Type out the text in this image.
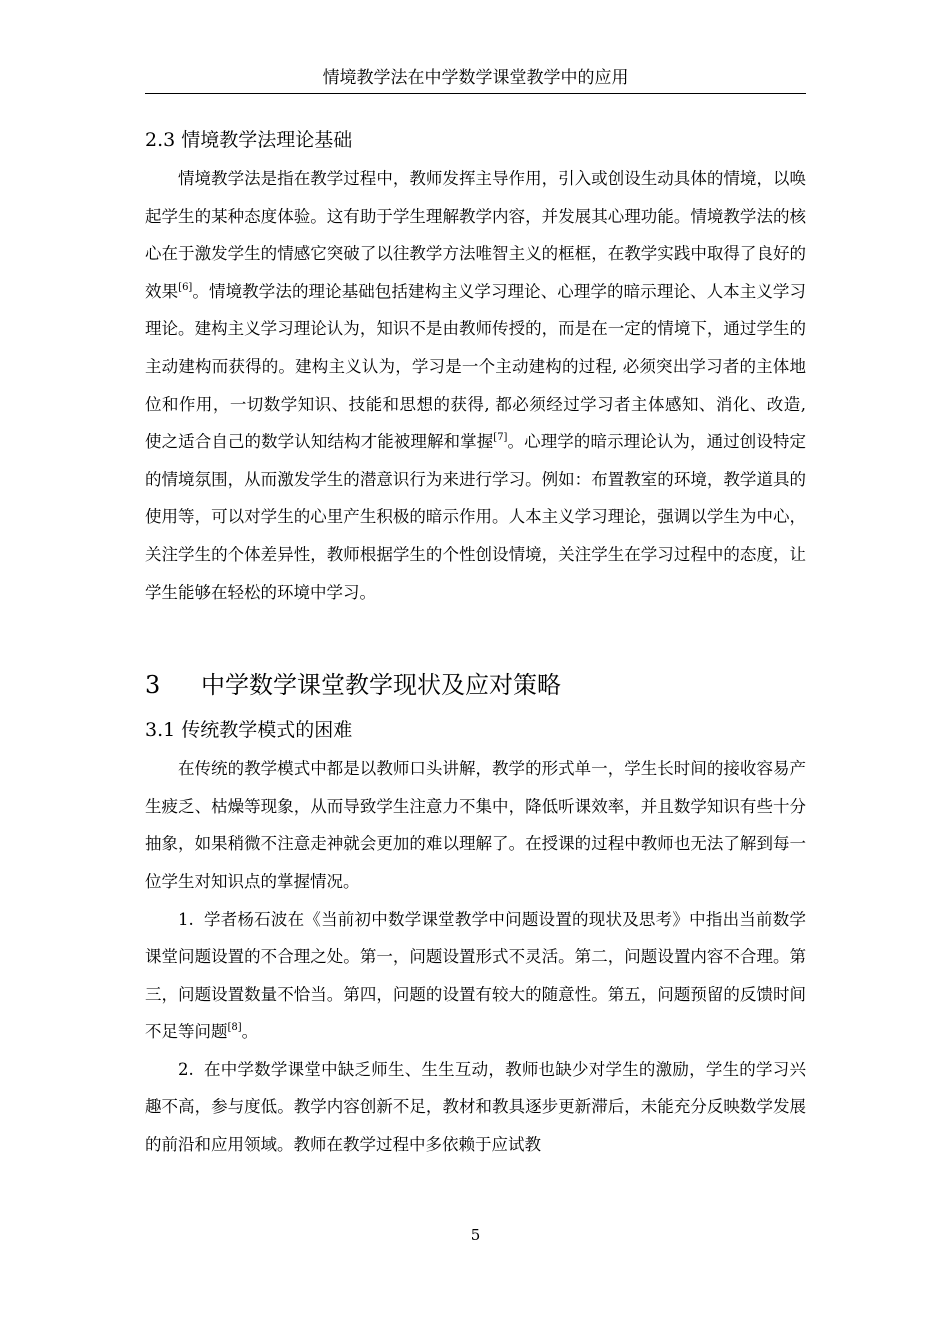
情境教学法在中学数学课堂教学中的应用
2.3 情境教学法理论基础

情境教学法是指在教学过程中，教师发挥主导作用，引入或创设生动具体的情境，以唤起学生的某种态度体验。这有助于学生理解教学内容，并发展其心理功能。情境教学法的核心在于激发学生的情感它突破了以往教学方法唯智主义的框框，在教学实践中取得了良好的效果[6]。情境教学法的理论基础包括建构主义学习理论、心理学的暗示理论、人本主义学习理论。建构主义学习理论认为，知识不是由教师传授的，而是在一定的情境下，通过学生的主动建构而获得的。建构主义认为，学习是一个主动建构的过程, 必须突出学习者的主体地位和作用，一切数学知识、技能和思想的获得, 都必须经过学习者主体感知、消化、改造, 使之适合自己的数学认知结构才能被理解和掌握[7]。心理学的暗示理论认为，通过创设特定的情境氛围，从而激发学生的潜意识行为来进行学习。例如：布置教室的环境，教学道具的使用等，可以对学生的心里产生积极的暗示作用。人本主义学习理论，强调以学生为中心，关注学生的个体差异性，教师根据学生的个性创设情境，关注学生在学习过程中的态度，让学生能够在轻松的环境中学习。

3	中学数学课堂教学现状及应对策略
3.1 传统教学模式的困难

在传统的教学模式中都是以教师口头讲解，教学的形式单一，学生长时间的接收容易产生疲乏、枯燥等现象，从而导致学生注意力不集中，降低听课效率，并且数学知识有些十分抽象，如果稍微不注意走神就会更加的难以理解了。在授课的过程中教师也无法了解到每一位学生对知识点的掌握情况。

1. 学者杨石波在《当前初中数学课堂教学中问题设置的现状及思考》中指出当前数学课堂问题设置的不合理之处。第一，问题设置形式不灵活。第二，问题设置内容不合理。第三，问题设置数量不恰当。第四，问题的设置有较大的随意性。第五，问题预留的反馈时间不足等问题[8]。

2. 在中学数学课堂中缺乏师生、生生互动，教师也缺少对学生的激励，学生的学习兴趣不高，参与度低。教学内容创新不足，教材和教具逐步更新滞后，未能充分反映数学发展的前沿和应用领域。教师在教学过程中多依赖于应试教

5
